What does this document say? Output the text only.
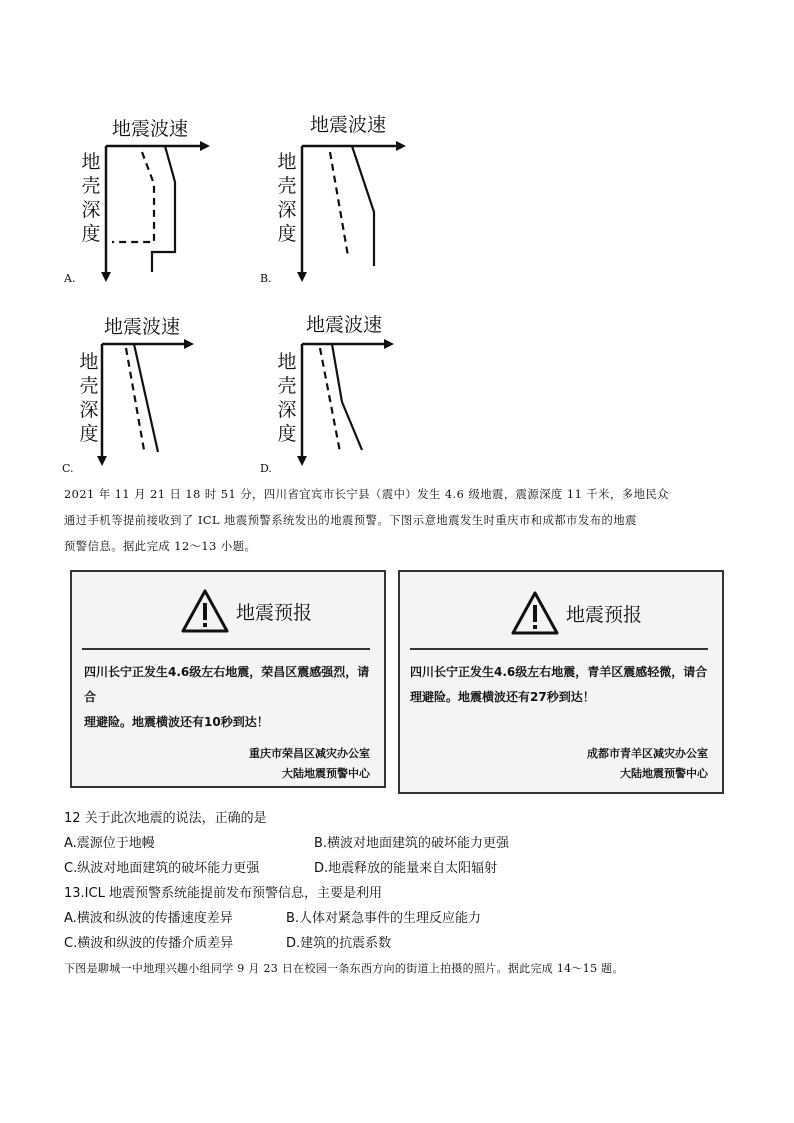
地震波速
地
壳
深
度
A.
地震波速
地
壳
深
度
B.
地震波速
地
壳
深
度
C.
地震波速
地
壳
深
度
D.
2021 年 11 月 21 日 18 时 51 分，四川省宜宾市长宁县（震中）发生 4.6 级地震，震源深度 11 千米，多地民众
通过手机等提前接收到了 ICL 地震预警系统发出的地震预警。下图示意地震发生时重庆市和成都市发布的地震
预警信息。据此完成 12～13 小题。
地震预报
四川长宁正发生4.6级左右地震，荣昌区震感强烈，请合
理避险。地震横波还有10秒到达！
重庆市荣昌区减灾办公室
大陆地震预警中心
地震预报
四川长宁正发生4.6级左右地震，青羊区震感轻微，请合
理避险。地震横波还有27秒到达！
成都市青羊区减灾办公室
大陆地震预警中心
12 关于此次地震的说法，正确的是
A.震源位于地幔	B.横波对地面建筑的破坏能力更强
C.纵波对地面建筑的破坏能力更强	D.地震释放的能量来自太阳辐射
13.ICL 地震预警系统能提前发布预警信息，主要是利用
A.横波和纵波的传播速度差异	B.人体对紧急事件的生理反应能力
C.横波和纵波的传播介质差异	D.建筑的抗震系数
下图是聊城一中地理兴趣小组同学 9 月 23 日在校园一条东西方向的街道上拍摄的照片。据此完成 14～15 题。
